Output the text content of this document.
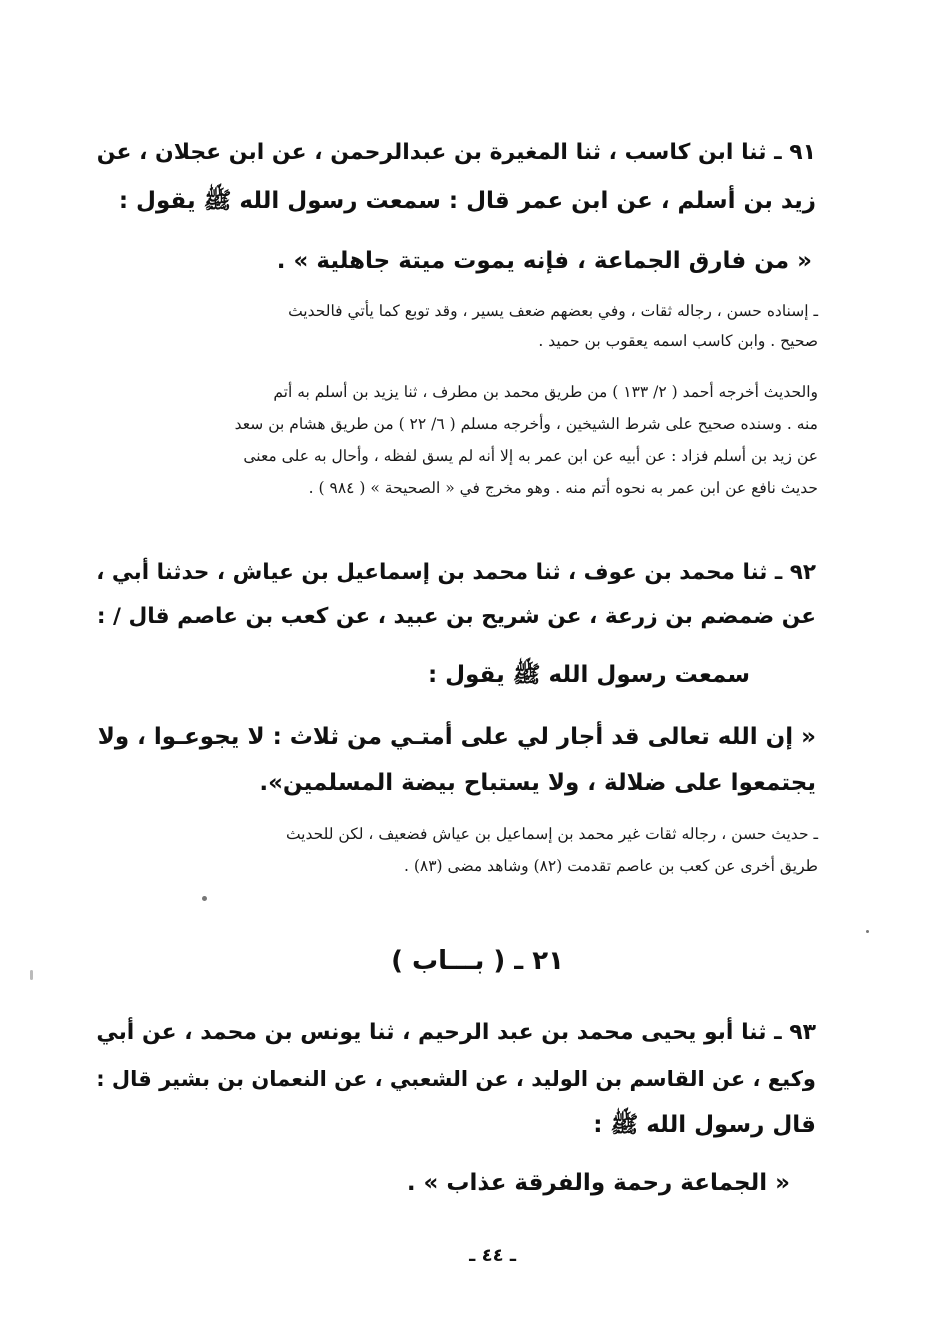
٩١ ـ ثنا ابن كاسب ، ثنا المغيرة بن عبدالرحمن ، عن ابن عجلان ، عن

زيد بن أسلم ، عن ابن عمر قال : سمعت رسول الله ﷺ يقول :

« من فارق الجماعة ، فإنه يموت ميتة جاهلية » .

ـ إسناده حسن ، رجاله ثقات ، وفي بعضهم ضعف يسير ، وقد توبع كما يأتي فالحديث
صحيح . وابن كاسب اسمه يعقوب بن حميد .
والحديث أخرجه أحمد ( ٢/ ١٣٣ ) من طريق محمد بن مطرف ، ثنا يزيد بن أسلم به أتم
منه . وسنده صحيح على شرط الشيخين ، وأخرجه مسلم ( ٦/ ٢٢ ) من طريق هشام بن سعد
عن زيد بن أسلم فزاد : عن أبيه عن ابن عمر به إلا أنه لم يسق لفظه ، وأحال به على معنى
حديث نافع عن ابن عمر به نحوه أتم منه . وهو مخرج في « الصحيحة » ( ٩٨٤ ) .

٩٢ ـ ثنا محمد بن عوف ، ثنا محمد بن إسماعيل بن عياش ، حدثنا أبي ،

عن ضمضم بن زرعة ، عن شريح بن عبيد ، عن كعب بن عاصم قال / :

سمعت رسول الله ﷺ يقول :

« إن الله تعالى قد أجار لي على أمتـي من ثلاث : لا يجوعـوا ، ولا

يجتمعوا على ضلالة ، ولا يستباح بيضة المسلمين».

ـ حديث حسن ، رجاله ثقات غير محمد بن إسماعيل بن عياش فضعيف ، لكن للحديث
طريق أخرى عن كعب بن عاصم تقدمت (٨٢) وشاهد مضى (٨٣) .

٢١ ـ ( بـــاب )

٩٣ ـ ثنا أبو يحيى محمد بن عبد الرحيم ، ثنا يونس بن محمد ، عن أبي

وكيع ، عن القاسم بن الوليد ، عن الشعبي ، عن النعمان بن بشير قال :

قال رسول الله ﷺ :

« الجماعة رحمة والفرقة عذاب » .

ـ ٤٤ ـ
